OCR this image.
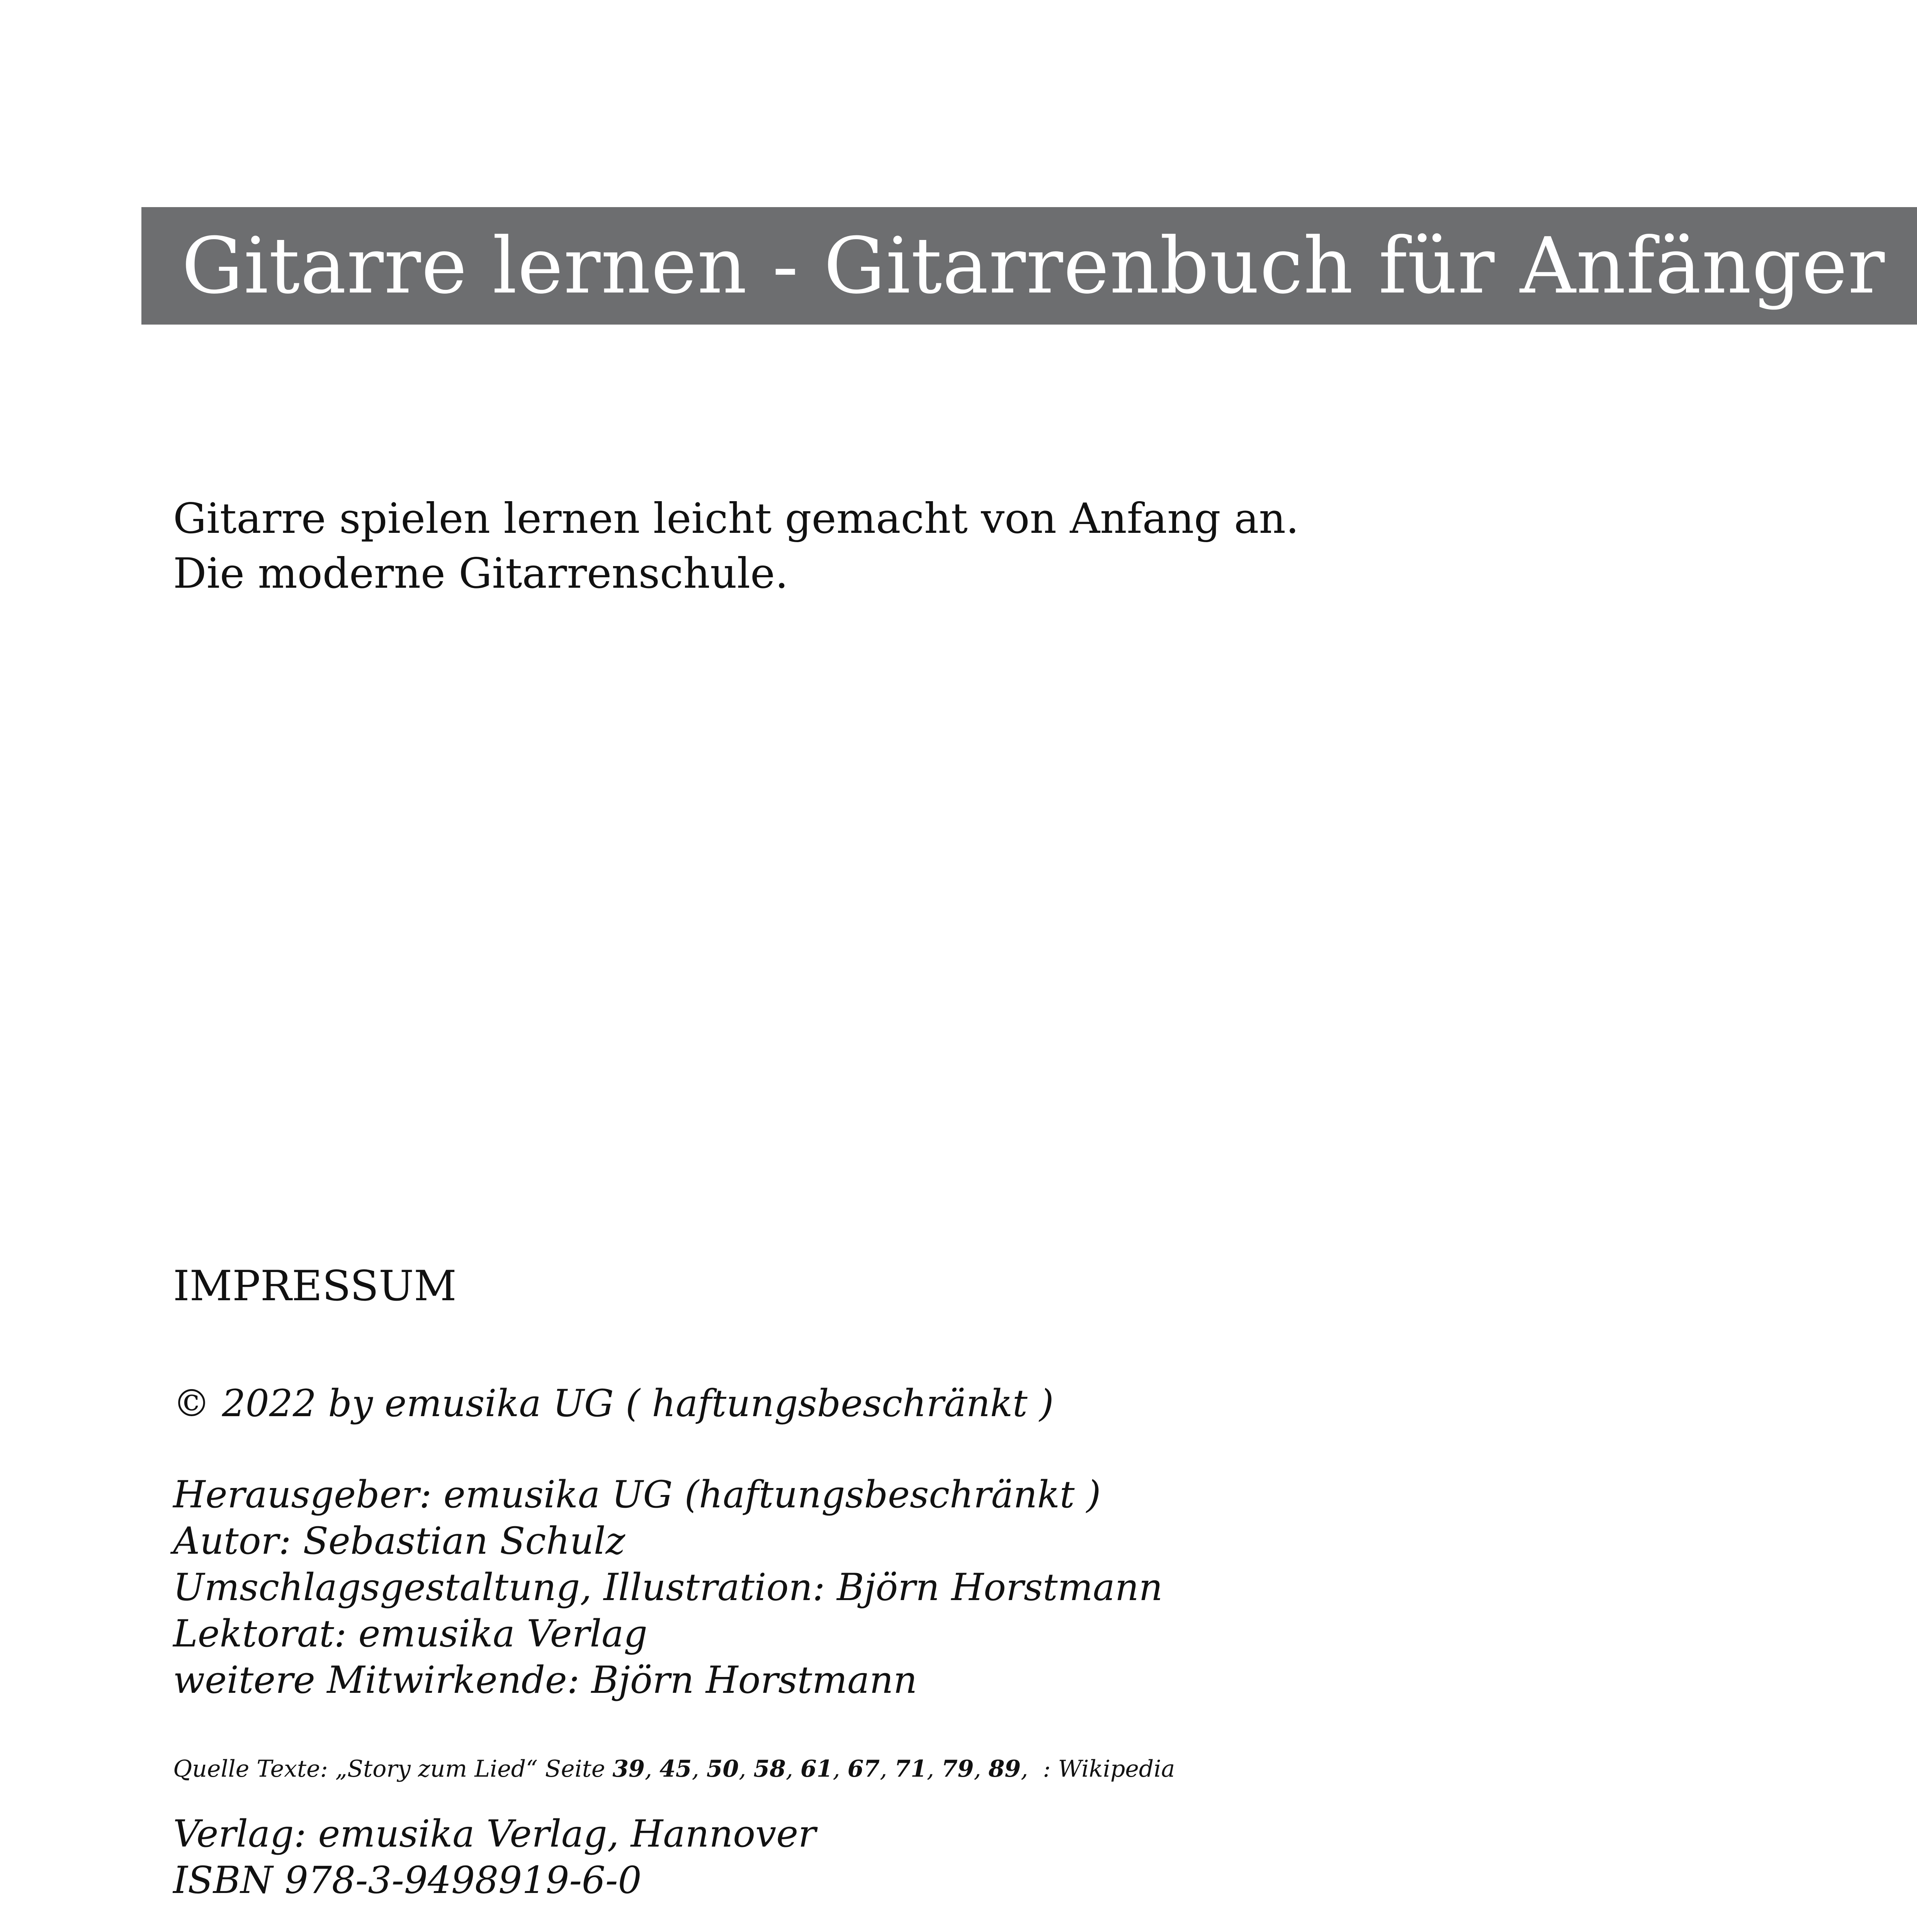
Gitarre lernen - Gitarrenbuch für Anfänger
Gitarre spielen lernen leicht gemacht von Anfang an.
Die moderne Gitarrenschule.
IMPRESSUM
© 2022 by emusika UG ( haftungsbeschränkt )
Herausgeber: emusika UG (haftungsbeschränkt )
Autor: Sebastian Schulz
Umschlagsgestaltung, Illustration: Björn Horstmann
Lektorat: emusika Verlag
weitere Mitwirkende: Björn Horstmann
Quelle Texte: „Story zum Lied“ Seite 39, 45, 50, 58, 61, 67, 71, 79, 89,  : Wikipedia
Verlag: emusika Verlag, Hannover
ISBN 978-3-9498919-6-0
